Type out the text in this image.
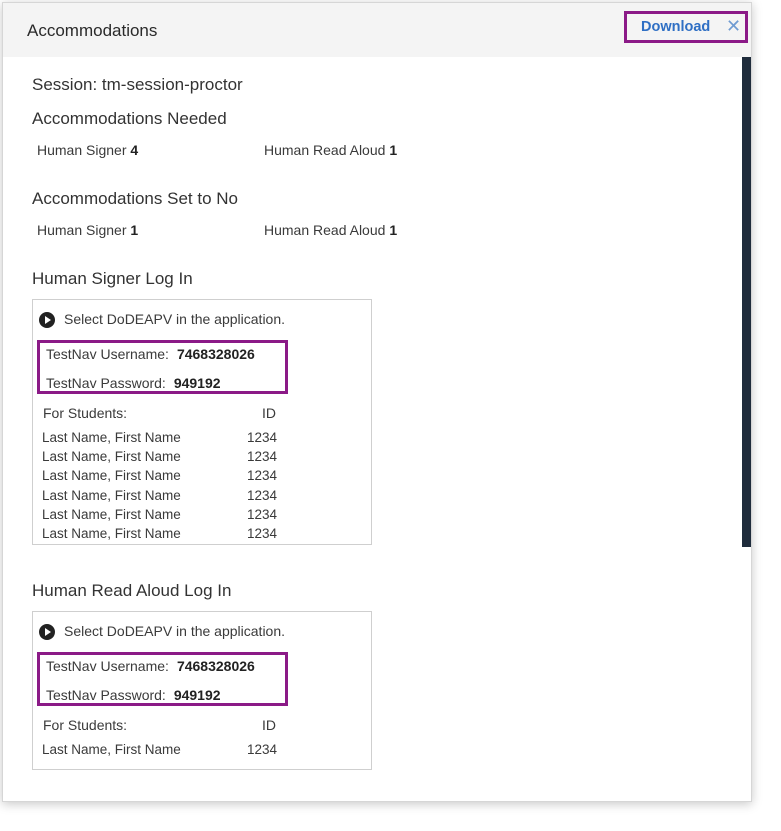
Accommodations	Download ✕
Session: tm-session-proctor
Accommodations Needed
Human Signer 4	Human Read Aloud 1
Accommodations Set to No
Human Signer 1	Human Read Aloud 1
Human Signer Log In
Select DoDEAPV in the application.
TestNav Username: 7468328026
TestNav Password: 949192
For Students:	ID
Last Name, First Name	1234
Last Name, First Name	1234
Last Name, First Name	1234
Last Name, First Name	1234
Last Name, First Name	1234
Last Name, First Name	1234
Human Read Aloud Log In
Select DoDEAPV in the application.
TestNav Username: 7468328026
TestNav Password: 949192
For Students:	ID
Last Name, First Name	1234
